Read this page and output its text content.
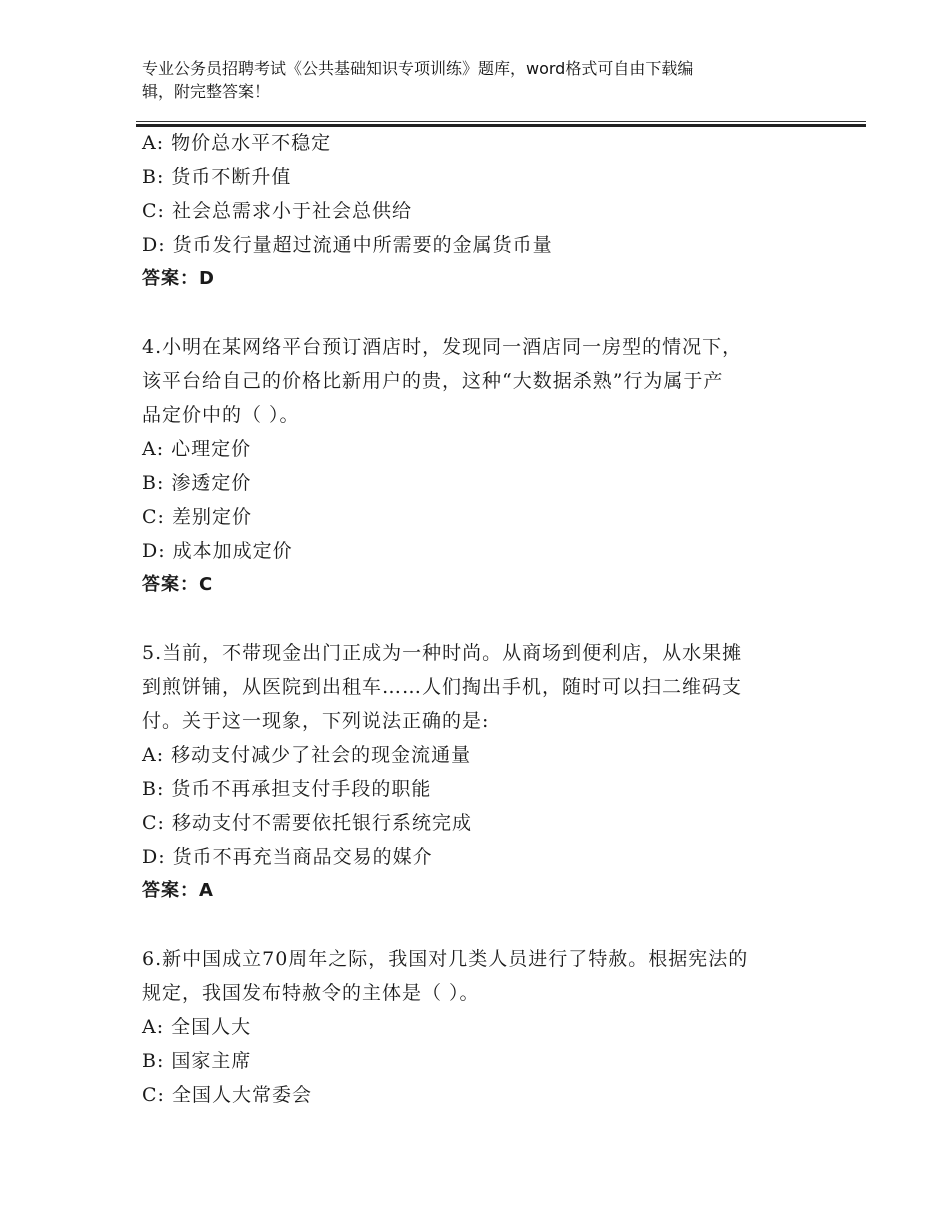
专业公务员招聘考试《公共基础知识专项训练》题库，word格式可自由下载编
辑，附完整答案！
A: 物价总水平不稳定
B: 货币不断升值
C: 社会总需求小于社会总供给
D: 货币发行量超过流通中所需要的金属货币量
答案：D
4.小明在某网络平台预订酒店时，发现同一酒店同一房型的情况下，
该平台给自己的价格比新用户的贵，这种“大数据杀熟”行为属于产
品定价中的（ ）。
A: 心理定价
B: 渗透定价
C: 差别定价
D: 成本加成定价
答案：C
5.当前，不带现金出门正成为一种时尚。从商场到便利店，从水果摊
到煎饼铺，从医院到出租车……人们掏出手机，随时可以扫二维码支
付。关于这一现象，下列说法正确的是:
A: 移动支付减少了社会的现金流通量
B: 货币不再承担支付手段的职能
C: 移动支付不需要依托银行系统完成
D: 货币不再充当商品交易的媒介
答案：A
6.新中国成立70周年之际，我国对几类人员进行了特赦。根据宪法的
规定，我国发布特赦令的主体是（ ）。
A: 全国人大
B: 国家主席
C: 全国人大常委会
